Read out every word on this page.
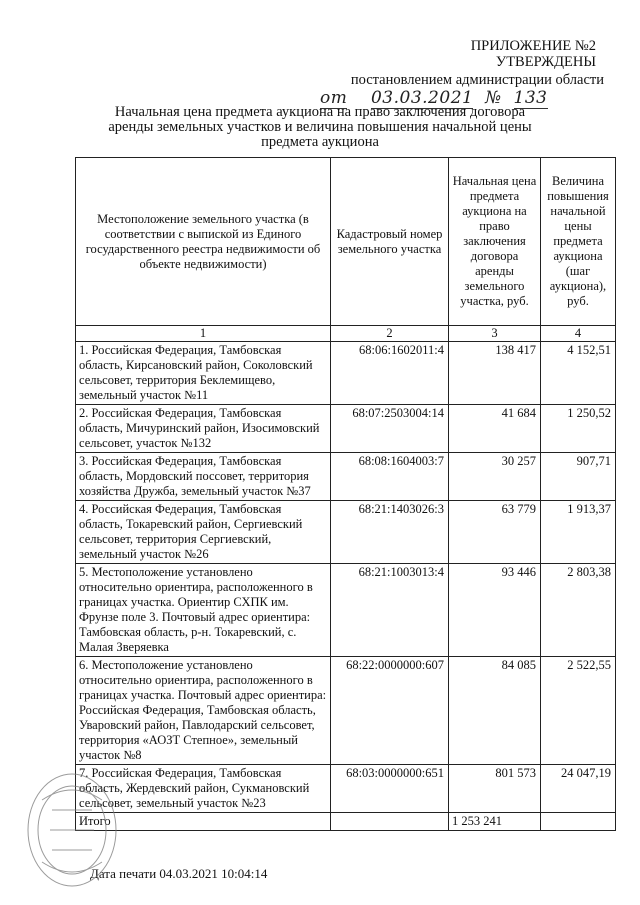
ПРИЛОЖЕНИЕ №2
УТВЕРЖДЕНЫ
постановлением администрации области
от 03.03.2021 № 133
Начальная цена предмета аукциона на право заключения договора аренды земельных участков и величина повышения начальной цены предмета аукциона
Местоположение земельного участка (в соответствии с выпиской из Единого государственного реестра недвижимости об объекте недвижимости)	Кадастровый номер земельного участка	Начальная цена предмета аукциона на право заключения договора аренды земельного участка, руб.	Величина повышения начальной цены предмета аукциона (шаг аукциона), руб.
1	2	3	4
1. Российская Федерация, Тамбовская область, Кирсановский район, Соколовский сельсовет, территория Беклемищево, земельный участок №11	68:06:1602011:4	138 417	4 152,51
2. Российская Федерация, Тамбовская область, Мичуринский район, Изосимовский сельсовет, участок №132	68:07:2503004:14	41 684	1 250,52
3. Российская Федерация, Тамбовская область, Мордовский поссовет, территория хозяйства Дружба, земельный участок №37	68:08:1604003:7	30 257	907,71
4. Российская Федерация, Тамбовская область, Токаревский район, Сергиевский сельсовет, территория Сергиевский, земельный участок №26	68:21:1403026:3	63 779	1 913,37
5. Местоположение установлено относительно ориентира, расположенного в границах участка. Ориентир СХПК им. Фрунзе поле 3. Почтовый адрес ориентира: Тамбовская область, р-н. Токаревский, с. Малая Зверяевка	68:21:1003013:4	93 446	2 803,38
6. Местоположение установлено относительно ориентира, расположенного в границах участка. Почтовый адрес ориентира: Российская Федерация, Тамбовская область, Уваровский район, Павлодарский сельсовет, территория «АОЗТ Степное», земельный участок №8	68:22:0000000:607	84 085	2 522,55
7. Российская Федерация, Тамбовская область, Жердевский район, Сукмановский сельсовет, земельный участок №23	68:03:0000000:651	801 573	24 047,19
Итого		1 253 241	
Дата печати 04.03.2021 10:04:14
